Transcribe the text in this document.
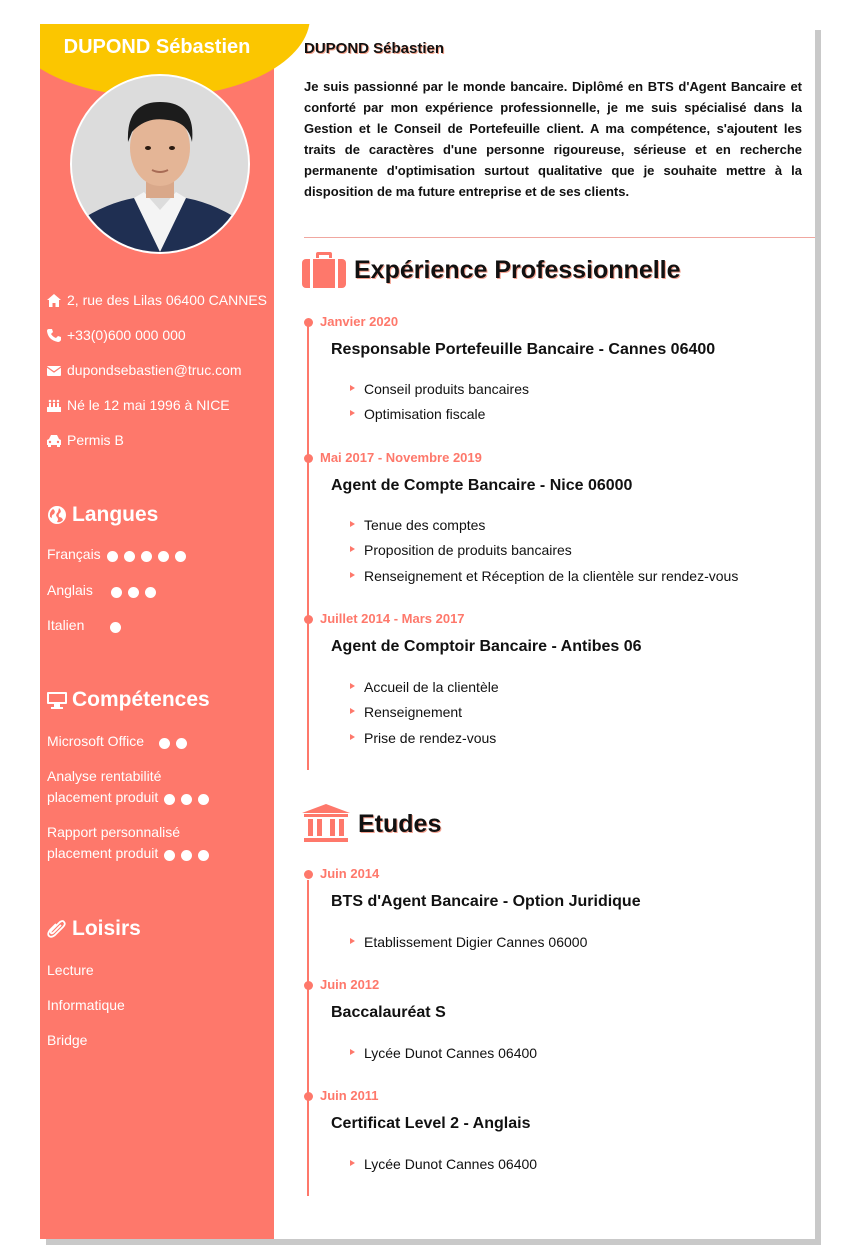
DUPOND Sébastien
2, rue des Lilas 06400 CANNES
+33(0)600 000 000
dupondsebastien@truc.com
Né le 12 mai 1996 à NICE
Permis B
Langues
Français
Anglais
Italien
Compétences
Microsoft Office
Analyse rentabilité
placement produit
Rapport personnalisé
placement produit
Loisirs
Lecture
Informatique
Bridge
DUPOND Sébastien
Je suis passionné par le monde bancaire. Diplômé en BTS d'Agent Bancaire et conforté par mon expérience professionnelle, je me suis spécialisé dans la Gestion et le Conseil de Portefeuille client. A ma compétence, s'ajoutent les traits de caractères d'une personne rigoureuse, sérieuse et en recherche permanente d'optimisation surtout qualitative que je souhaite mettre à la disposition de ma future entreprise et de ses clients.
Expérience Professionnelle
Janvier 2020
Responsable Portefeuille Bancaire - Cannes 06400
Conseil produits bancaires
Optimisation fiscale
Mai 2017 - Novembre 2019
Agent de Compte Bancaire - Nice 06000
Tenue des comptes
Proposition de produits bancaires
Renseignement et Réception de la clientèle sur rendez-vous
Juillet 2014 - Mars 2017
Agent de Comptoir Bancaire - Antibes 06
Accueil de la clientèle
Renseignement
Prise de rendez-vous
Etudes
Juin 2014
BTS d'Agent Bancaire - Option Juridique
Etablissement Digier Cannes 06000
Juin 2012
Baccalauréat S
Lycée Dunot Cannes 06400
Juin 2011
Certificat Level 2 - Anglais
Lycée Dunot Cannes 06400
